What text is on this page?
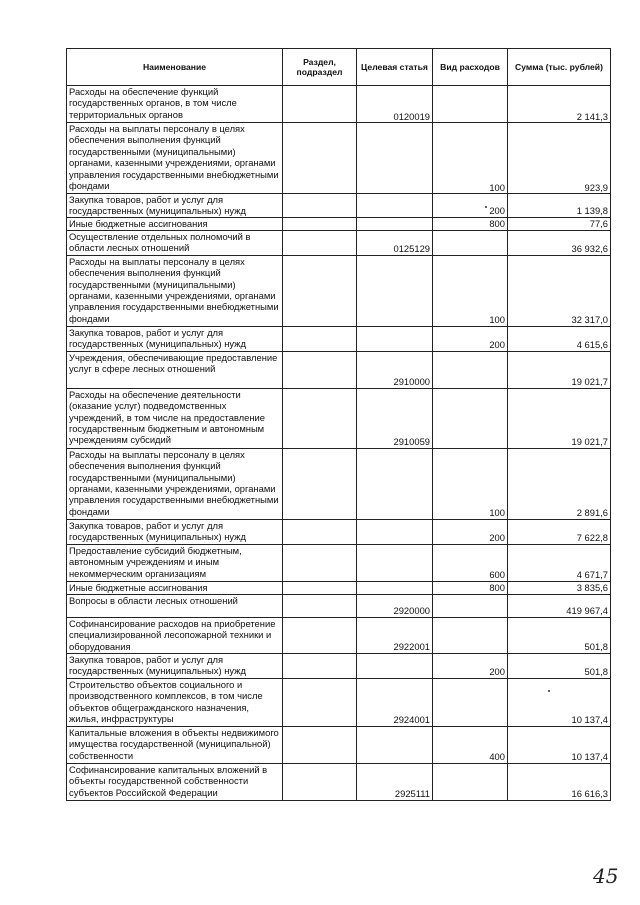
Наименование	Раздел, подраздел	Целевая статья	Вид расходов	Сумма (тыс. рублей)
Расходы на обеспечение функций государственных органов, в том числе территориальных органов		0120019		2 141,3
Расходы на выплаты персоналу в целях обеспечения выполнения функций государственными (муниципальными) органами, казенными учреждениями, органами управления государственными внебюджетными фондами			100	923,9
Закупка товаров, работ и услуг для государственных (муниципальных) нужд			200	1 139,8
Иные бюджетные ассигнования			800	77,6
Осуществление отдельных полномочий в области лесных отношений		0125129		36 932,6
Расходы на выплаты персоналу в целях обеспечения выполнения функций государственными (муниципальными) органами, казенными учреждениями, органами управления государственными внебюджетными фондами			100	32 317,0
Закупка товаров, работ и услуг для государственных (муниципальных) нужд			200	4 615,6
Учреждения, обеспечивающие предоставление услуг в сфере лесных отношений		2910000		19 021,7
Расходы на обеспечение деятельности (оказание услуг) подведомственных учреждений, в том числе на предоставление государственным бюджетным и автономным учреждениям субсидий		2910059		19 021,7
Расходы на выплаты персоналу в целях обеспечения выполнения функций государственными (муниципальными) органами, казенными учреждениями, органами управления государственными внебюджетными фондами			100	2 891,6
Закупка товаров, работ и услуг для государственных (муниципальных) нужд			200	7 622,8
Предоставление субсидий бюджетным, автономным учреждениям и иным некоммерческим организациям			600	4 671,7
Иные бюджетные ассигнования			800	3 835,6
Вопросы в области лесных отношений		2920000		419 967,4
Софинансирование расходов на приобретение специализированной лесопожарной техники и оборудования		2922001		501,8
Закупка товаров, работ и услуг для государственных (муниципальных) нужд			200	501,8
Строительство объектов социального и производственного комплексов, в том числе объектов общегражданского назначения, жилья, инфраструктуры		2924001		10 137,4
Капитальные вложения в объекты недвижимого имущества государственной (муниципальной) собственности			400	10 137,4
Софинансирование капитальных вложений в объекты государственной собственности субъектов Российской Федерации		2925111		16 616,3
45
